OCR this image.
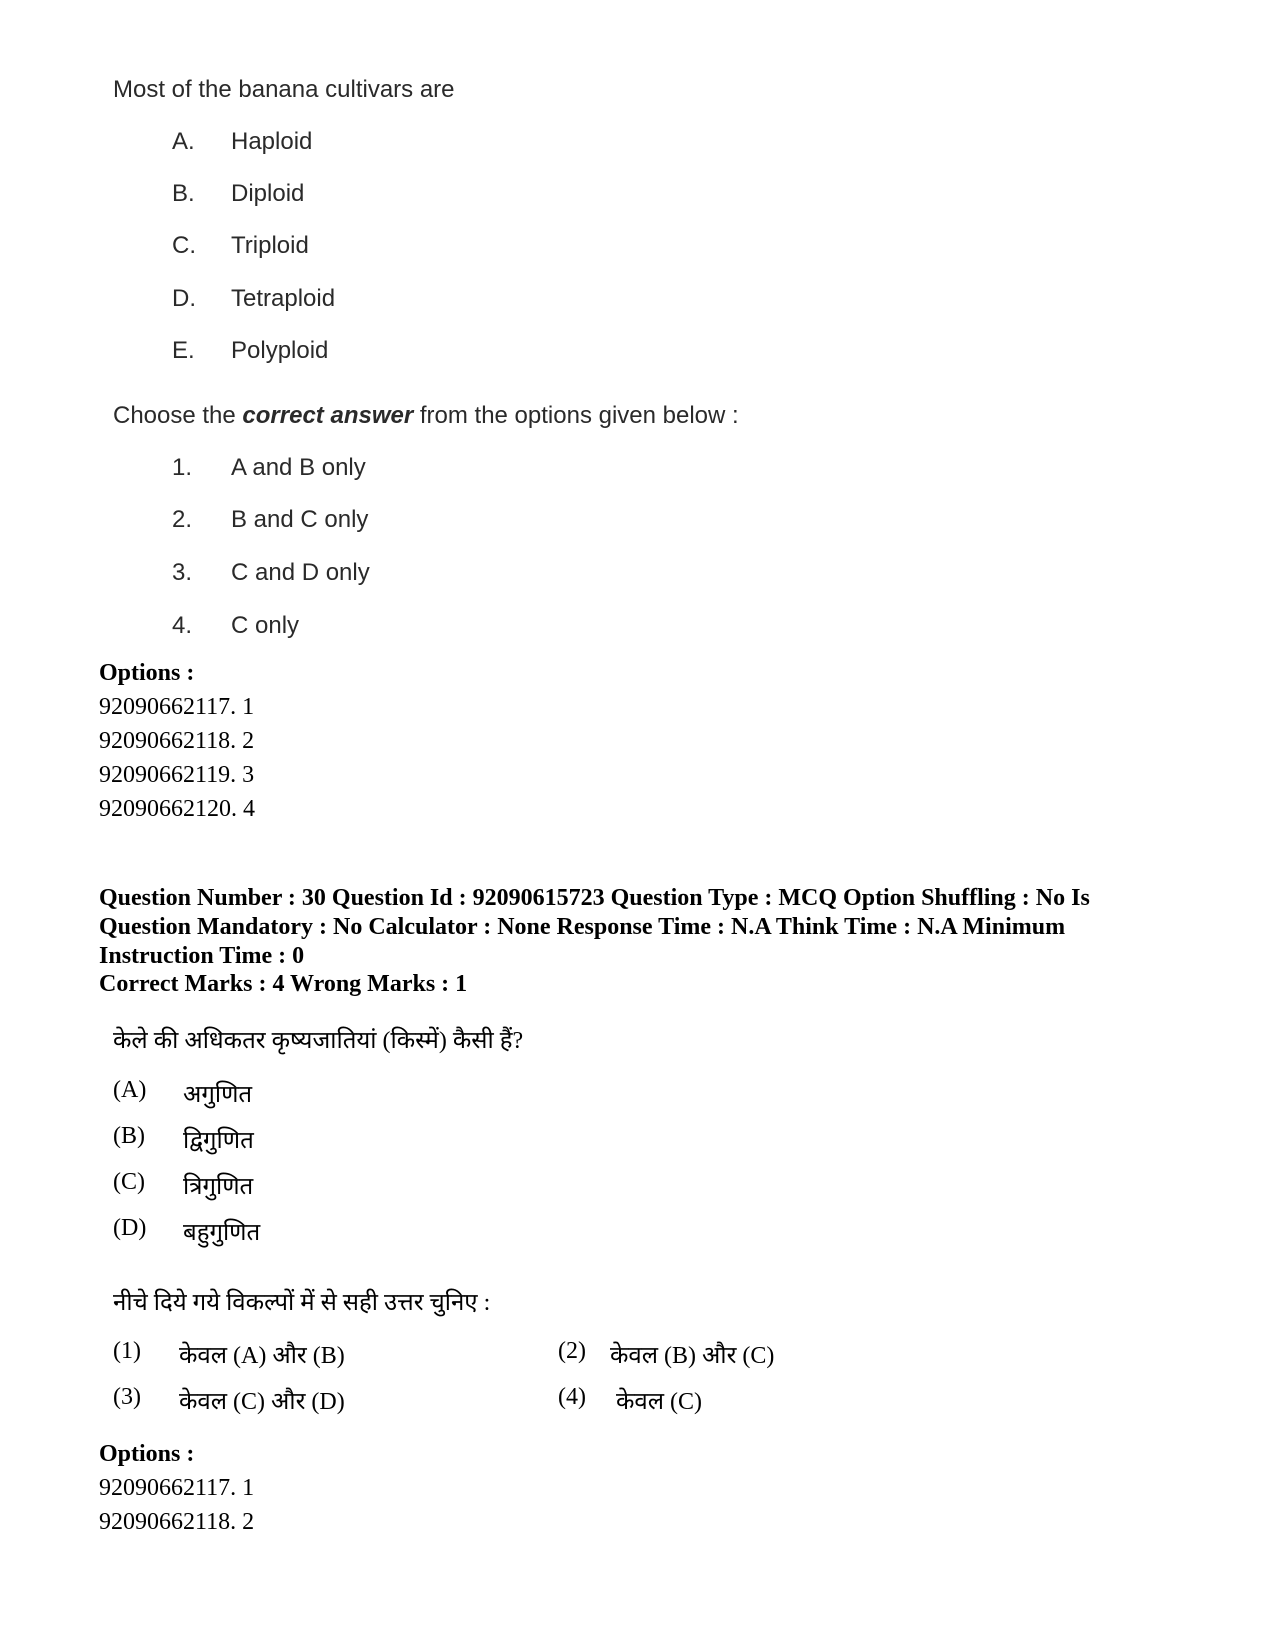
Most of the banana cultivars are
A.	Haploid
B.	Diploid
C.	Triploid
D.	Tetraploid
E.	Polyploid
Choose the correct answer from the options given below :
1.	A and B only
2.	B and C only
3.	C and D only
4.	C only
Options :
92090662117. 1
92090662118. 2
92090662119. 3
92090662120. 4
Question Number : 30 Question Id : 92090615723 Question Type : MCQ Option Shuffling : No Is
Question Mandatory : No Calculator : None Response Time : N.A Think Time : N.A Minimum
Instruction Time : 0
Correct Marks : 4 Wrong Marks : 1
केले की अधिकतर कृष्यजातियां (किस्में) कैसी हैं?
(A)	अगुणित
(B)	द्विगुणित
(C)	त्रिगुणित
(D)	बहुगुणित
नीचे दिये गये विकल्पों में से सही उत्तर चुनिए :
(1)	केवल (A) और (B)	(2)	केवल (B) और (C)
(3)	केवल (C) और (D)	(4)	केवल (C)
Options :
92090662117. 1
92090662118. 2
